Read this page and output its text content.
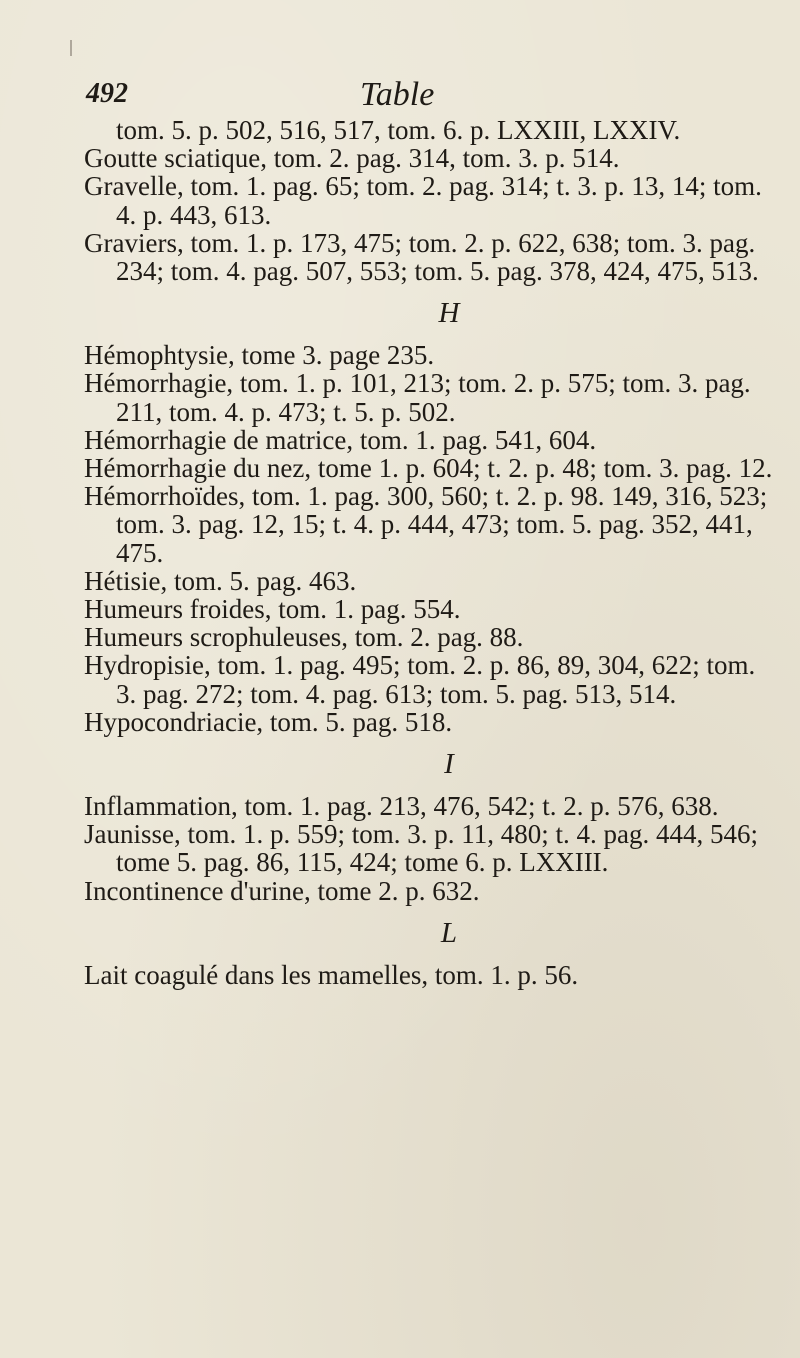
492	Table

tom. 5. p. 502, 516, 517, tom. 6. p. LXXIII, LXXIV.

Goutte sciatique, tom. 2. pag. 314, tom. 3. p. 514.

Gravelle, tom. 1. pag. 65; tom. 2. pag. 314; t. 3. p. 13, 14; tom. 4. p. 443, 613.

Graviers, tom. 1. p. 173, 475; tom. 2. p. 622, 638; tom. 3. pag. 234; tom. 4. pag. 507, 553; tom. 5. pag. 378, 424, 475, 513.

H

Hémophtysie, tome 3. page 235.

Hémorrhagie, tom. 1. p. 101, 213; tom. 2. p. 575; tom. 3. pag. 211, tom. 4. p. 473; t. 5. p. 502.

Hémorrhagie de matrice, tom. 1. pag. 541, 604.

Hémorrhagie du nez, tome 1. p. 604; t. 2. p. 48; tom. 3. pag. 12.

Hémorrhoïdes, tom. 1. pag. 300, 560; t. 2. p. 98. 149, 316, 523; tom. 3. pag. 12, 15; t. 4. p. 444, 473; tom. 5. pag. 352, 441, 475.

Hétisie, tom. 5. pag. 463.

Humeurs froides, tom. 1. pag. 554.

Humeurs scrophuleuses, tom. 2. pag. 88.

Hydropisie, tom. 1. pag. 495; tom. 2. p. 86, 89, 304, 622; tom. 3. pag. 272; tom. 4. pag. 613; tom. 5. pag. 513, 514.

Hypocondriacie, tom. 5. pag. 518.

I

Inflammation, tom. 1. pag. 213, 476, 542; t. 2. p. 576, 638.

Jaunisse, tom. 1. p. 559; tom. 3. p. 11, 480; t. 4. pag. 444, 546; tome 5. pag. 86, 115, 424; tome 6. p. LXXIII.

Incontinence d'urine, tome 2. p. 632.

L

Lait coagulé dans les mamelles, tom. 1. p. 56.
